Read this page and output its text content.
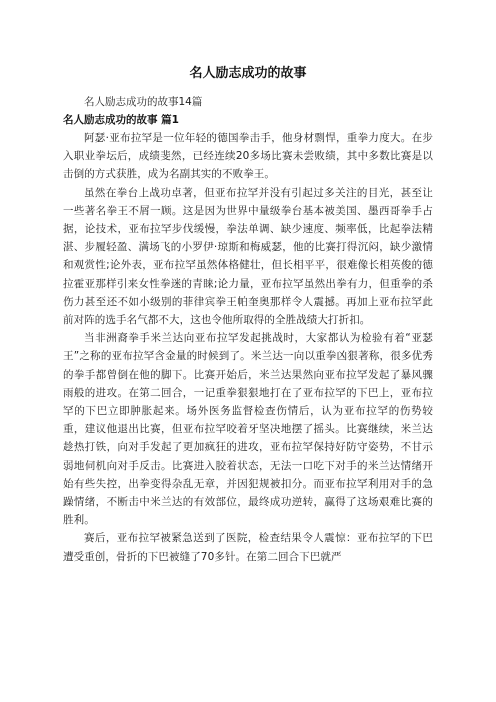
名人励志成功的故事

名人励志成功的故事14篇

名人励志成功的故事 篇1

阿瑟·亚布拉罕是一位年轻的德国拳击手，他身材剽悍，重拳力度大。在步入职业拳坛后，成绩斐然，已经连续20多场比赛未尝败绩，其中多数比赛是以击倒的方式获胜，成为名副其实的不败拳王。

虽然在拳台上战功卓著，但亚布拉罕并没有引起过多关注的目光，甚至让一些著名拳王不屑一顾。这是因为世界中量级拳台基本被美国、墨西哥拳手占据，论技术，亚布拉罕步伐缓慢，拳法单调、缺少速度、频率低，比起拳法精湛、步履轻盈、满场飞的小罗伊·琼斯和梅威瑟，他的比赛打得沉闷，缺少激情和观赏性;论外表，亚布拉罕虽然体格健壮，但长相平平，很难像长相英俊的德拉霍亚那样引来女性拳迷的青睐;论力量，亚布拉罕虽然出拳有力，但重拳的杀伤力甚至还不如小级别的菲律宾拳王帕奎奥那样令人震撼。再加上亚布拉罕此前对阵的选手名气都不大，这也令他所取得的全胜战绩大打折扣。

当非洲裔拳手米兰达向亚布拉罕发起挑战时，大家都认为检验有着“亚瑟王”之称的亚布拉罕含金量的时候到了。米兰达一向以重拳凶狠著称，很多优秀的拳手都曾倒在他的脚下。比赛开始后，米兰达果然向亚布拉罕发起了暴风骤雨般的进攻。在第二回合，一记重拳狠狠地打在了亚布拉罕的下巴上，亚布拉罕的下巴立即肿胀起来。场外医务监督检查伤情后，认为亚布拉罕的伤势较重，建议他退出比赛，但亚布拉罕咬着牙坚决地摆了摇头。比赛继续，米兰达趁热打铁，向对手发起了更加疯狂的进攻，亚布拉罕保持好防守姿势，不甘示弱地伺机向对手反击。比赛进入胶着状态，无法一口吃下对手的米兰达情绪开始有些失控，出拳变得杂乱无章，并因犯规被扣分。而亚布拉罕利用对手的急躁情绪，不断击中米兰达的有效部位，最终成功逆转，赢得了这场艰难比赛的胜利。

赛后，亚布拉罕被紧急送到了医院，检查结果令人震惊：亚布拉罕的下巴遭受重创，骨折的下巴被缝了70多针。在第二回合下巴就严
